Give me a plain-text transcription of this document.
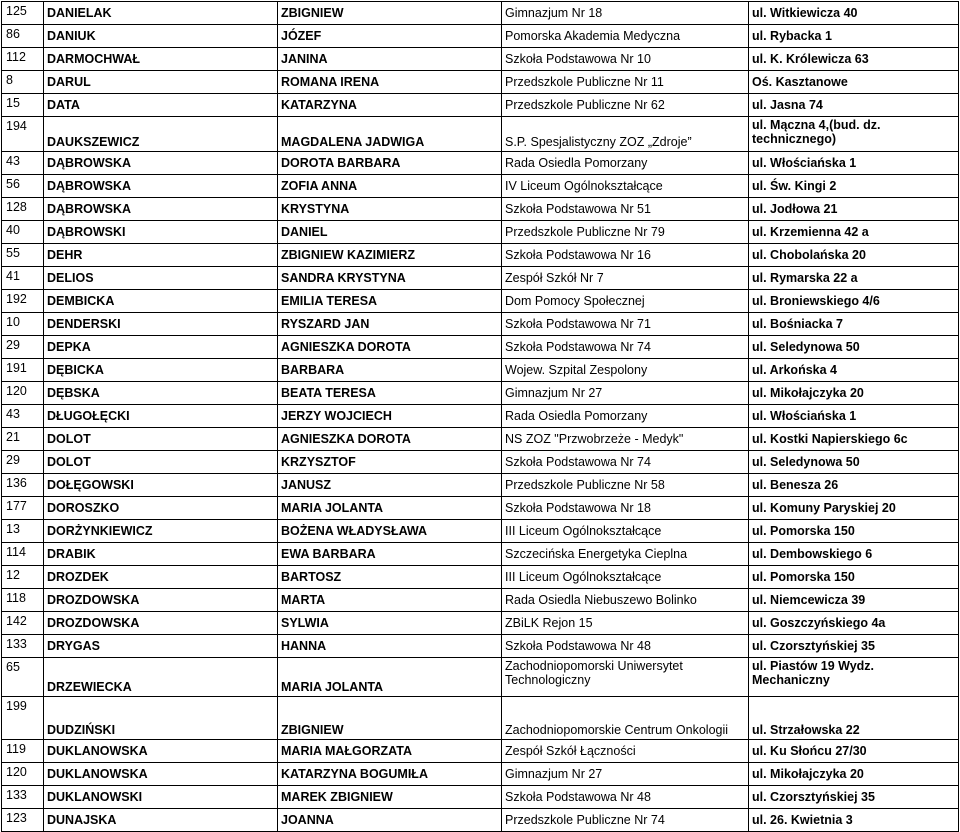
125	DANIELAK	ZBIGNIEW	Gimnazjum Nr 18	ul. Witkiewicza 40
86	DANIUK	JÓZEF	Pomorska Akademia Medyczna	ul. Rybacka 1
112	DARMOCHWAŁ	JANINA	Szkoła Podstawowa Nr 10	ul. K. Królewicza 63
8	DARUL	ROMANA IRENA	Przedszkole Publiczne Nr 11	Oś. Kasztanowe
15	DATA	KATARZYNA	Przedszkole Publiczne Nr 62	ul. Jasna 74
194	DAUKSZEWICZ	MAGDALENA JADWIGA	S.P. Spesjalistyczny ZOZ „Zdroje”	ul. Mączna 4,(bud. dz. technicznego)
43	DĄBROWSKA	DOROTA BARBARA	Rada Osiedla Pomorzany	ul. Włościańska 1
56	DĄBROWSKA	ZOFIA ANNA	IV Liceum Ogólnokształcące	ul. Św. Kingi 2
128	DĄBROWSKA	KRYSTYNA	Szkoła Podstawowa Nr 51	ul. Jodłowa 21
40	DĄBROWSKI	DANIEL	Przedszkole Publiczne Nr 79	ul. Krzemienna 42 a
55	DEHR	ZBIGNIEW KAZIMIERZ	Szkoła Podstawowa Nr 16	ul. Chobolańska 20
41	DELIOS	SANDRA KRYSTYNA	Zespół Szkół Nr 7	ul. Rymarska 22 a
192	DEMBICKA	EMILIA TERESA	Dom Pomocy Społecznej	ul. Broniewskiego 4/6
10	DENDERSKI	RYSZARD JAN	Szkoła Podstawowa Nr 71	ul. Bośniacka 7
29	DEPKA	AGNIESZKA DOROTA	Szkoła Podstawowa Nr 74	ul. Seledynowa 50
191	DĘBICKA	BARBARA	Wojew. Szpital Zespolony	ul. Arkońska 4
120	DĘBSKA	BEATA TERESA	Gimnazjum Nr 27	ul. Mikołajczyka 20
43	DŁUGOŁĘCKI	JERZY WOJCIECH	Rada Osiedla Pomorzany	ul. Włościańska 1
21	DOLOT	AGNIESZKA DOROTA	NS ZOZ "Przwobrzeże - Medyk"	ul. Kostki Napierskiego 6c
29	DOLOT	KRZYSZTOF	Szkoła Podstawowa Nr 74	ul. Seledynowa 50
136	DOŁĘGOWSKI	JANUSZ	Przedszkole Publiczne Nr 58	ul. Benesza 26
177	DOROSZKO	MARIA JOLANTA	Szkoła Podstawowa Nr 18	ul. Komuny Paryskiej 20
13	DORŻYNKIEWICZ	BOŻENA WŁADYSŁAWA	III Liceum Ogólnokształcące	ul. Pomorska 150
114	DRABIK	EWA BARBARA	Szczecińska Energetyka Cieplna	ul. Dembowskiego 6
12	DROZDEK	BARTOSZ	III Liceum Ogólnokształcące	ul. Pomorska 150
118	DROZDOWSKA	MARTA	Rada Osiedla Niebuszewo Bolinko	ul. Niemcewicza 39
142	DROZDOWSKA	SYLWIA	ZBiLK Rejon 15	ul. Goszczyńskiego 4a
133	DRYGAS	HANNA	Szkoła Podstawowa Nr 48	ul. Czorsztyńskiej 35
65	DRZEWIECKA	MARIA JOLANTA	Zachodniopomorski Uniwersytet Technologiczny	ul. Piastów 19 Wydz. Mechaniczny
199	DUDZIŃSKI	ZBIGNIEW	Zachodniopomorskie Centrum Onkologii	ul. Strzałowska 22
119	DUKLANOWSKA	MARIA MAŁGORZATA	Zespół Szkół Łączności	ul. Ku Słońcu 27/30
120	DUKLANOWSKA	KATARZYNA BOGUMIŁA	Gimnazjum Nr 27	ul. Mikołajczyka 20
133	DUKLANOWSKI	MAREK ZBIGNIEW	Szkoła Podstawowa Nr 48	ul. Czorsztyńskiej 35
123	DUNAJSKA	JOANNA	Przedszkole Publiczne Nr 74	ul. 26. Kwietnia 3
